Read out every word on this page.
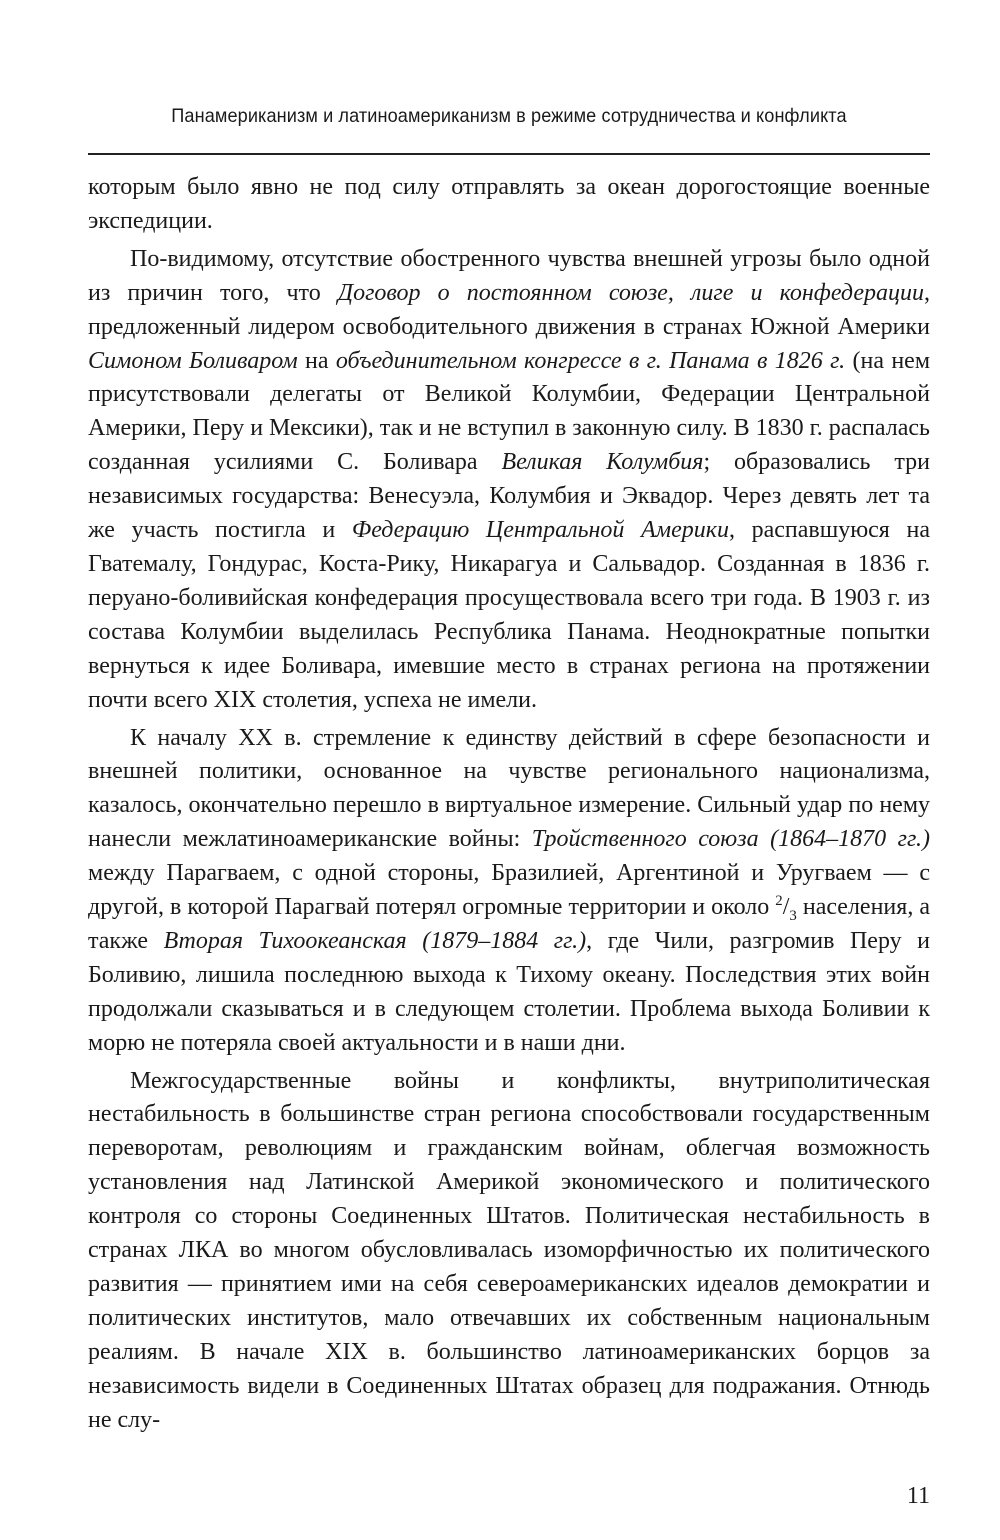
Панамериканизм и латиноамериканизм в режиме сотрудничества и конфликта

которым было явно не под силу отправлять за океан дорогостоящие военные экспедиции.

По-видимому, отсутствие обостренного чувства внешней угрозы было одной из причин того, что Договор о постоянном союзе, лиге и конфедерации, предложенный лидером освободительного движения в странах Южной Америки Симоном Боливаром на объединительном конгрессе в г. Панама в 1826 г. (на нем присутствовали делегаты от Великой Колумбии, Федерации Центральной Америки, Перу и Мексики), так и не вступил в законную силу. В 1830 г. распалась созданная усилиями С. Боливара Великая Колумбия; образовались три независимых государства: Венесуэла, Колумбия и Эквадор. Через девять лет та же участь постигла и Федерацию Центральной Америки, распавшуюся на Гватемалу, Гондурас, Коста-Рику, Никарагуа и Сальвадор. Созданная в 1836 г. перуано-боливийская конфедерация просуществовала всего три года. В 1903 г. из состава Колумбии выделилась Республика Панама. Неоднократные попытки вернуться к идее Боливара, имевшие место в странах региона на протяжении почти всего XIX столетия, успеха не имели.

К началу XX в. стремление к единству действий в сфере безопасности и внешней политики, основанное на чувстве регионального национализма, казалось, окончательно перешло в виртуальное измерение. Сильный удар по нему нанесли межлатиноамериканские войны: Тройственного союза (1864–1870 гг.) между Парагваем, с одной стороны, Бразилией, Аргентиной и Уругваем — с другой, в которой Парагвай потерял огромные территории и около $^2/_3$ населения, а также Вторая Тихоокеанская (1879–1884 гг.), где Чили, разгромив Перу и Боливию, лишила последнюю выхода к Тихому океану. Последствия этих войн продолжали сказываться и в следующем столетии. Проблема выхода Боливии к морю не потеряла своей актуальности и в наши дни.

Межгосударственные войны и конфликты, внутриполитическая нестабильность в большинстве стран региона способствовали государственным переворотам, революциям и гражданским войнам, облегчая возможность установления над Латинской Америкой экономического и политического контроля со стороны Соединенных Штатов. Политическая нестабильность в странах ЛКА во многом обусловливалась изоморфичностью их политического развития — принятием ими на себя североамериканских идеалов демократии и политических институтов, мало отвечавших их собственным национальным реалиям. В начале XIX в. большинство латиноамериканских борцов за независимость видели в Соединенных Штатах образец для подражания. Отнюдь не слу-

11
